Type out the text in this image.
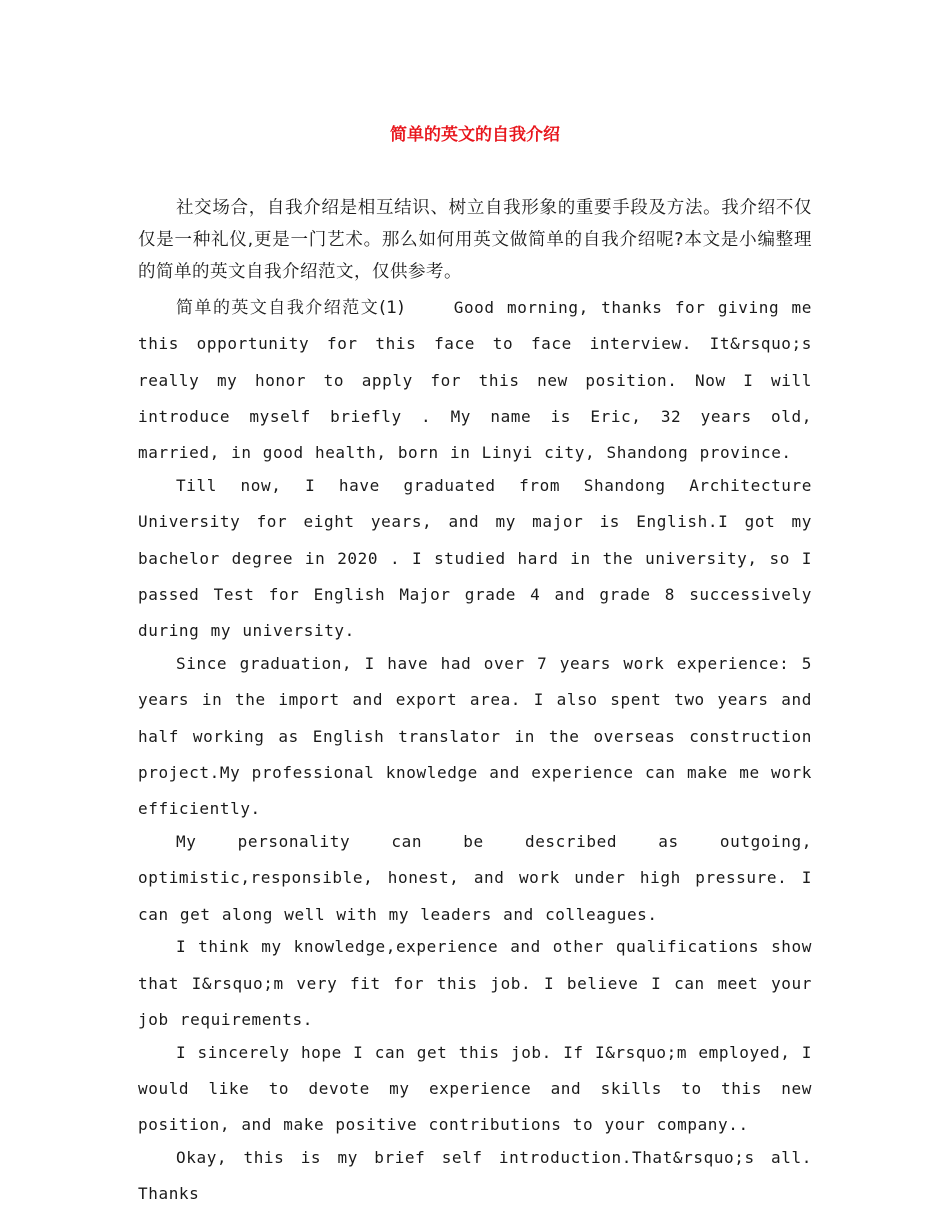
简单的英文的自我介绍

社交场合，自我介绍是相互结识、树立自我形象的重要手段及方法。我介绍不仅仅是一种礼仪,更是一门艺术。那么如何用英文做简单的自我介绍呢?本文是小编整理的简单的英文自我介绍范文，仅供参考。

简单的英文自我介绍范文(1)	Good morning, thanks for giving me this opportunity for this face to face interview. It&rsquo;s really my honor to apply for this new position. Now I will introduce myself briefly . My name is Eric, 32 years old, married, in good health, born in Linyi city, Shandong province.

Till now, I have graduated from Shandong Architecture University for eight years, and my major is English.I got my bachelor degree in 2020 . I studied hard in the university, so I passed Test for English Major grade 4 and grade 8 successively during my university.

Since graduation, I have had over 7 years work experience: 5 years in the import and export area. I also spent two years and half working as English translator in the overseas construction project.My professional knowledge and experience can make me work efficiently.

My personality can be described as outgoing, optimistic,responsible, honest, and work under high pressure. I can get along well with my leaders and colleagues.

I think my knowledge,experience and other qualifications show that I&rsquo;m very fit for this job. I believe I can meet your job requirements.

I sincerely hope I can get this job. If I&rsquo;m employed, I would like to devote my experience and skills to this new position, and make positive contributions to your company..

Okay, this is my brief self introduction.That&rsquo;s all. Thanks
